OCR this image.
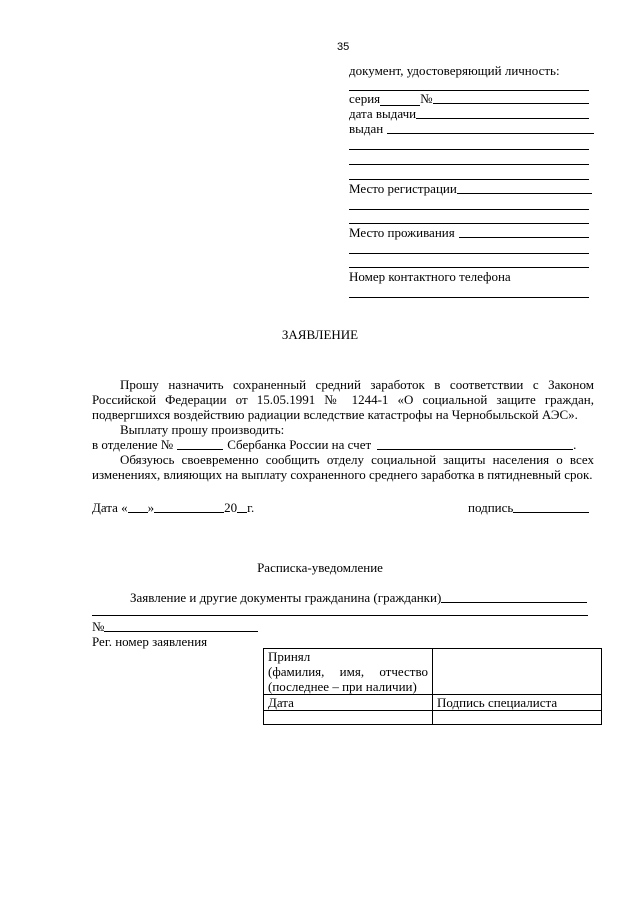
35
документ, удостоверяющий личность:
серия	№
дата выдачи
выдан
Место регистрации
Место проживания
Номер контактного телефона
ЗАЯВЛЕНИЕ

Прошу назначить сохраненный средний заработок в соответствии с Законом Российской Федерации от 15.05.1991 № 1244-1 «О социальной защите граждан, подвергшихся воздействию радиации вследствие катастрофы на Чернобыльской АЭС».

Выплату прошу производить:

в отделение №	Сбербанка России на счет	.

Обязуюсь своевременно сообщить отделу социальной защиты населения о всех изменениях, влияющих на выплату сохраненного среднего заработка в пятидневный срок.

Дата « »	20 г.	подпись
Расписка-уведомление
Заявление и другие документы гражданина (гражданки)
№
Рег. номер заявления
Принял
(фамилия, имя, отчество
(последнее – при наличии)	

Дата	Подпись специалиста
